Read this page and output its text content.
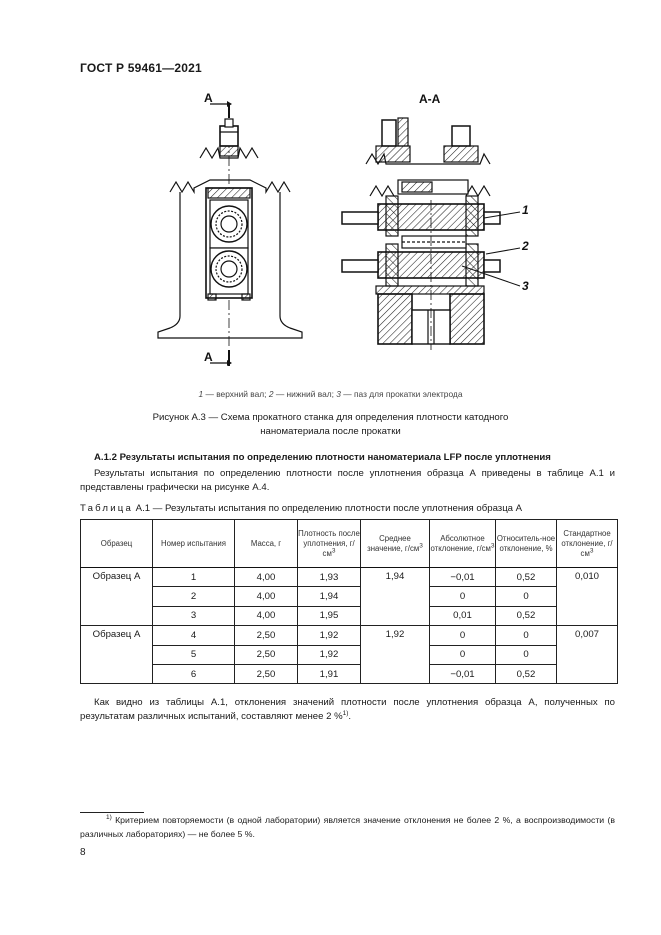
ГОСТ Р 59461—2021
A
A
A-A
1
2
3
1 — верхний вал; 2 — нижний вал; 3 — паз для прокатки электрода
Рисунок А.3 — Схема прокатного станка для определения плотности катодного наноматериала после прокатки
A.1.2 Результаты испытания по определению плотности наноматериала LFP после уплотнения
Результаты испытания по определению плотности после уплотнения образца А приведены в таблице А.1 и представлены графически на рисунке А.4.
Таблица А.1 — Результаты испытания по определению плотности после уплотнения образца А
Образец	Номер испытания	Масса, г	Плотность после уплотнения, $г/см^3$	Среднее значение, $г/см^3$	Абсолютное отклонение, $г/см^3$	Относитель-ное отклонение, %	Стандартное отклонение, $г/см^3$
Образец А	1	4,00	1,93	1,94	−0,01	0,52	0,010
	2	4,00	1,94		0	0	
	3	4,00	1,95		0,01	0,52	
Образец А	4	2,50	1,92	1,92	0	0	0,007
	5	2,50	1,92		0	0	
	6	2,50	1,91		−0,01	0,52	
Как видно из таблицы А.1, отклонения значений плотности после уплотнения образца А, полученных по результатам различных испытаний, составляют менее 2 %$^{1)}$.
$^{1)}$ Критерием повторяемости (в одной лаборатории) является значение отклонения не более 2 %, а воспроизводимости (в различных лабораториях) — не более 5 %.
8
